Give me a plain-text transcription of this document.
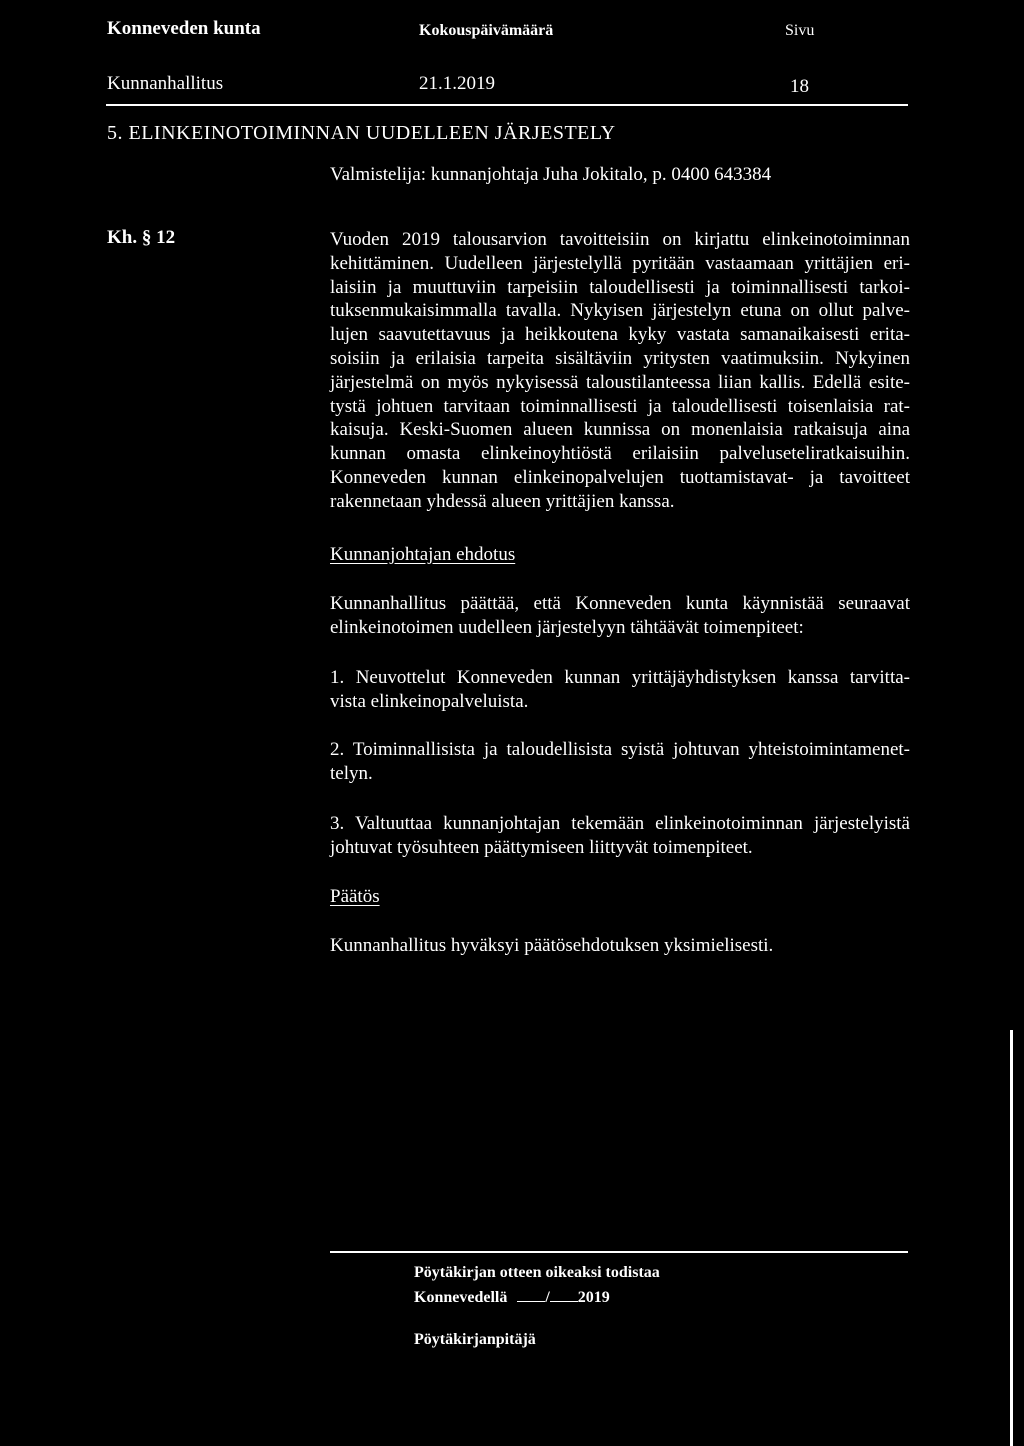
Konneveden kunta	Kokouspäivämäärä	Sivu
Kunnanhallitus	21.1.2019	18
5. ELINKEINOTOIMINNAN UUDELLEEN JÄRJESTELY
Valmistelija: kunnanjohtaja Juha Jokitalo, p. 0400 643384
Kh. § 12	Vuoden 2019 talousarvion tavoitteisiin on kirjattu elinkeinotoiminnan
kehittäminen. Uudelleen järjestelyllä pyritään vastaamaan yrittäjien eri-
laisiin ja muuttuviin tarpeisiin taloudellisesti ja toiminnallisesti tarkoi-
tuksenmukaisimmalla tavalla. Nykyisen järjestelyn etuna on ollut palve-
lujen saavutettavuus ja heikkoutena kyky vastata samanaikaisesti erita-
soisiin ja erilaisia tarpeita sisältäviin yritysten vaatimuksiin. Nykyinen
järjestelmä on myös nykyisessä taloustilanteessa liian kallis. Edellä esite-
tystä johtuen tarvitaan toiminnallisesti ja taloudellisesti toisenlaisia rat-
kaisuja. Keski-Suomen alueen kunnissa on monenlaisia ratkaisuja aina
kunnan omasta elinkeinoyhtiöstä erilaisiin palveluseteliratkaisuihin.
Konneveden kunnan elinkeinopalvelujen tuottamistavat- ja tavoitteet
rakennetaan yhdessä alueen yrittäjien kanssa.
Kunnanjohtajan ehdotus
Kunnanhallitus päättää, että Konneveden kunta käynnistää seuraavat
elinkeinotoimen uudelleen järjestelyyn tähtäävät toimenpiteet:
1. Neuvottelut Konneveden kunnan yrittäjäyhdistyksen kanssa tarvitta-
vista elinkeinopalveluista.
2. Toiminnallisista ja taloudellisista syistä johtuvan yhteistoimintamenet-
telyn.
3. Valtuuttaa kunnanjohtajan tekemään elinkeinotoiminnan järjestelyistä
johtuvat työsuhteen päättymiseen liittyvät toimenpiteet.
Päätös
Kunnanhallitus hyväksyi päätösehdotuksen yksimielisesti.
Pöytäkirjan otteen oikeaksi todistaa
Konnevedellä / 2019
Pöytäkirjanpitäjä
